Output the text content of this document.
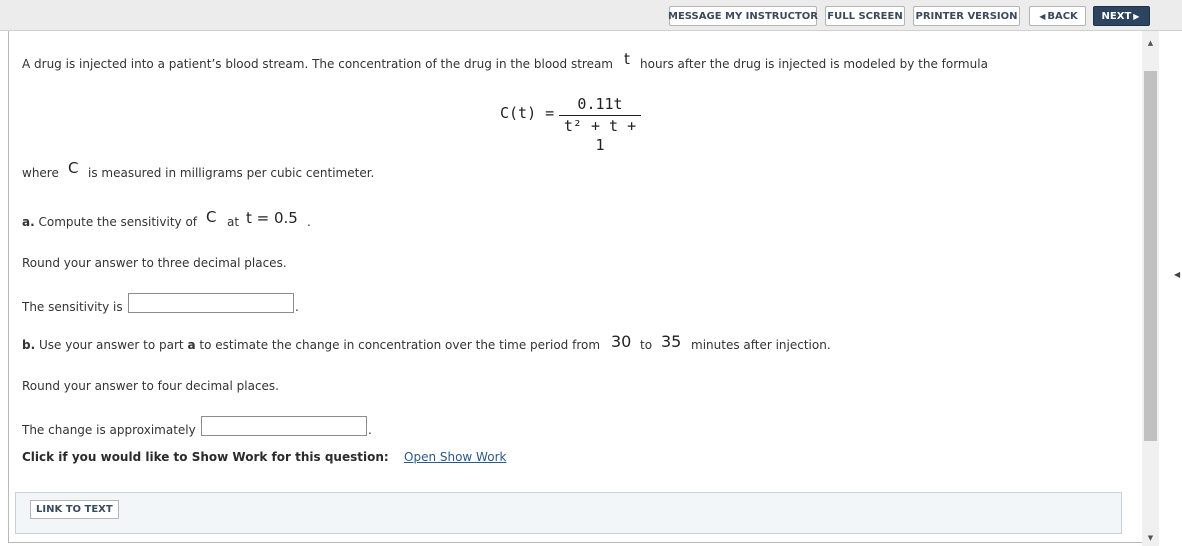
MESSAGE MY INSTRUCTOR FULL SCREEN PRINTER VERSION	◀ BACK NEXT ▶
▲
▼
◀
A drug is injected into a patient’s blood stream. The concentration of the drug in the blood stream t hours after the drug is injected is modeled by the formula
C(t) =	0.11t
t² + t + 1
where C is measured in milligrams per cubic centimeter.
a. Compute the sensitivity of C at t = 0.5 .
Round your answer to three decimal places.
The sensitivity is	.
b. Use your answer to part a to estimate the change in concentration over the time period from 30 to 35 minutes after injection.
Round your answer to four decimal places.
The change is approximately	.
Click if you would like to Show Work for this question: Open Show Work
LINK TO TEXT
